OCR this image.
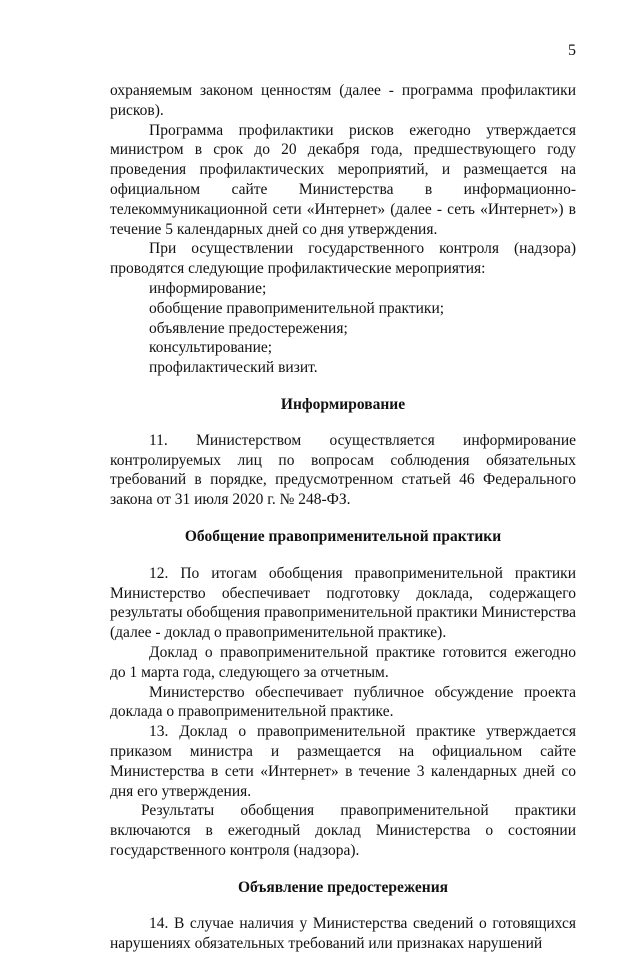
5

охраняемым законом ценностям (далее - программа профилактики рисков).

Программа профилактики рисков ежегодно утверждается министром в срок до 20 декабря года, предшествующего году проведения профилактических мероприятий, и размещается на официальном сайте Министерства в информационно-телекоммуникационной сети «Интернет» (далее - сеть «Интернет») в течение 5 календарных дней со дня утверждения.

При осуществлении государственного контроля (надзора) проводятся следующие профилактические мероприятия:

информирование;

обобщение правоприменительной практики;

объявление предостережения;

консультирование;

профилактический визит.

Информирование

11. Министерством осуществляется информирование контролируемых лиц по вопросам соблюдения обязательных требований в порядке, предусмотренном статьей 46 Федерального закона от 31 июля 2020 г. № 248-ФЗ.

Обобщение правоприменительной практики

12. По итогам обобщения правоприменительной практики Министерство обеспечивает подготовку доклада, содержащего результаты обобщения правоприменительной практики Министерства (далее - доклад о правоприменительной практике).

Доклад о правоприменительной практике готовится ежегодно до 1 марта года, следующего за отчетным.

Министерство обеспечивает публичное обсуждение проекта доклада о правоприменительной практике.

13. Доклад о правоприменительной практике утверждается приказом министра и размещается на официальном сайте Министерства в сети «Интернет» в течение 3 календарных дней со дня его утверждения.

Результаты обобщения правоприменительной практики включаются в ежегодный доклад Министерства о состоянии государственного контроля (надзора).

Объявление предостережения

14. В случае наличия у Министерства сведений о готовящихся нарушениях обязательных требований или признаках нарушений
